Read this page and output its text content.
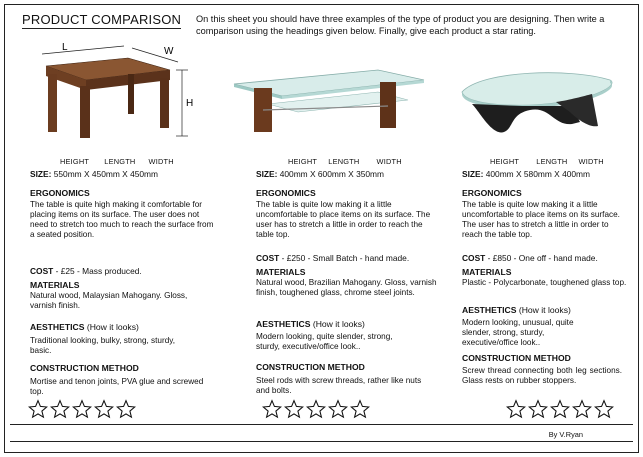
PRODUCT COMPARISON On this sheet you should have three examples of the type of product you are designing. Then write a comparison using the headings given below. Finally, give each product a star rating.
L	W
H
HEIGHT LENGTH WIDTH
SIZE: 550mm X 450mm X 450mm
ERGONOMICS
The table is quite high making it comfortable for placing items on its surface. The user does not need to stretch too much to reach the surface from a seated position.
COST - £25 - Mass produced.
MATERIALS
Natural wood, Malaysian Mahogany. Gloss, varnish finish.
AESTHETICS (How it looks)
Traditional looking, bulky, strong, sturdy, basic.
CONSTRUCTION METHOD
Mortise and tenon joints, PVA glue and screwed top.
HEIGHT LENGTH WIDTH
SIZE: 400mm X 600mm X 350mm
ERGONOMICS
The table is quite low making it a little uncomfortable to place items on its surface. The user has to stretch a little in order to reach the table top.
COST - £250 - Small Batch - hand made.
MATERIALS
Natural wood, Brazilian Mahogany. Gloss, varnish finish, toughened glass, chrome steel joints.
AESTHETICS (How it looks)
Modern looking, quite slender, strong, sturdy, executive/office look..
CONSTRUCTION METHOD
Steel rods with screw threads, rather like nuts and bolts.
HEIGHT LENGTH WIDTH
SIZE: 400mm X 580mm X 400mm
ERGONOMICS
The table is quite low making it a little uncomfortable to place items on its surface. The user has to stretch a little in order to reach the table top.
COST - £850 - One off - hand made.
MATERIALS
Plastic - Polycarbonate, toughened glass top.
AESTHETICS (How it looks)
Modern looking, unusual, quite slender, strong, sturdy, executive/office look..
CONSTRUCTION METHOD
Screw thread connecting both leg sections. Glass rests on rubber stoppers.
By V.Ryan
